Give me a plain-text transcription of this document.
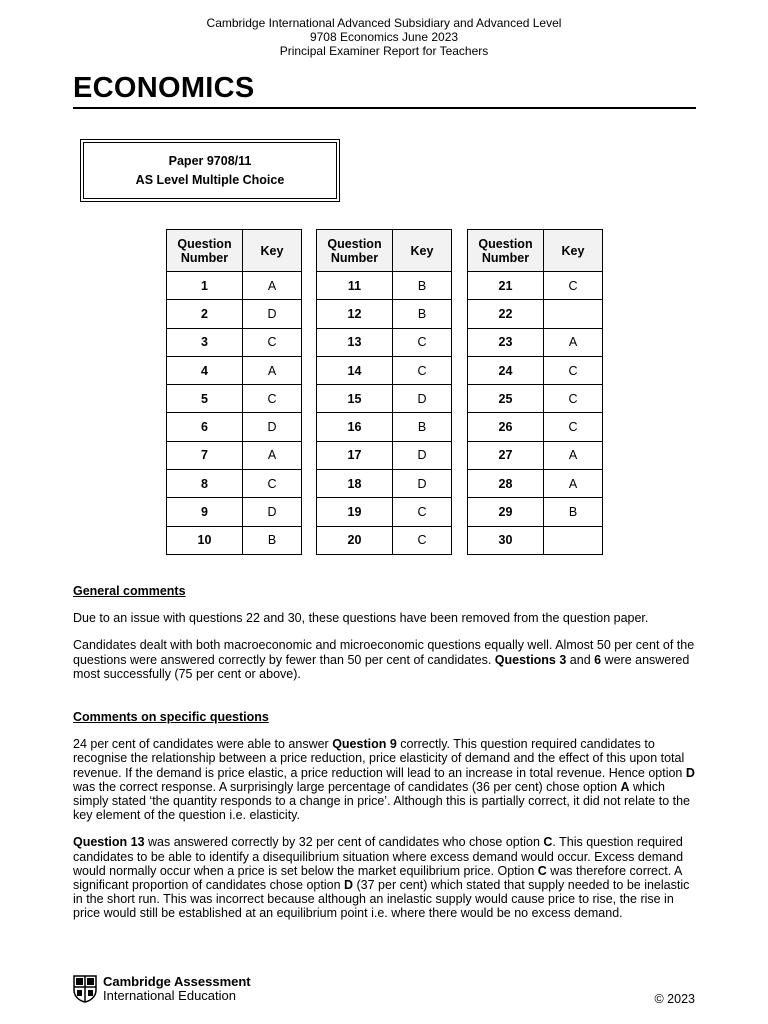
Cambridge International Advanced Subsidiary and Advanced Level
9708 Economics June 2023
Principal Examiner Report for Teachers
ECONOMICS
Paper 9708/11
AS Level Multiple Choice
Question Number	Key
1	A
2	D
3	C
4	A
5	C
6	D
7	A
8	C
9	D
10	B
Question Number	Key
11	B
12	B
13	C
14	C
15	D
16	B
17	D
18	D
19	C
20	C
Question Number	Key
21	C
22	
23	A
24	C
25	C
26	C
27	A
28	A
29	B
30	
General comments

Due to an issue with questions 22 and 30, these questions have been removed from the question paper.

Candidates dealt with both macroeconomic and microeconomic questions equally well. Almost 50 per cent of the questions were answered correctly by fewer than 50 per cent of candidates. Questions 3 and 6 were answered most successfully (75 per cent or above).

Comments on specific questions

24 per cent of candidates were able to answer Question 9 correctly. This question required candidates to recognise the relationship between a price reduction, price elasticity of demand and the effect of this upon total revenue. If the demand is price elastic, a price reduction will lead to an increase in total revenue. Hence option D was the correct response. A surprisingly large percentage of candidates (36 per cent) chose option A which simply stated ‘the quantity responds to a change in price’. Although this is partially correct, it did not relate to the key element of the question i.e. elasticity.

Question 13 was answered correctly by 32 per cent of candidates who chose option C. This question required candidates to be able to identify a disequilibrium situation where excess demand would occur. Excess demand would normally occur when a price is set below the market equilibrium price. Option C was therefore correct. A significant proportion of candidates chose option D (37 per cent) which stated that supply needed to be inelastic in the short run. This was incorrect because although an inelastic supply would cause price to rise, the rise in price would still be established at an equilibrium point i.e. where there would be no excess demand.

Cambridge Assessment
International Education	© 2023
